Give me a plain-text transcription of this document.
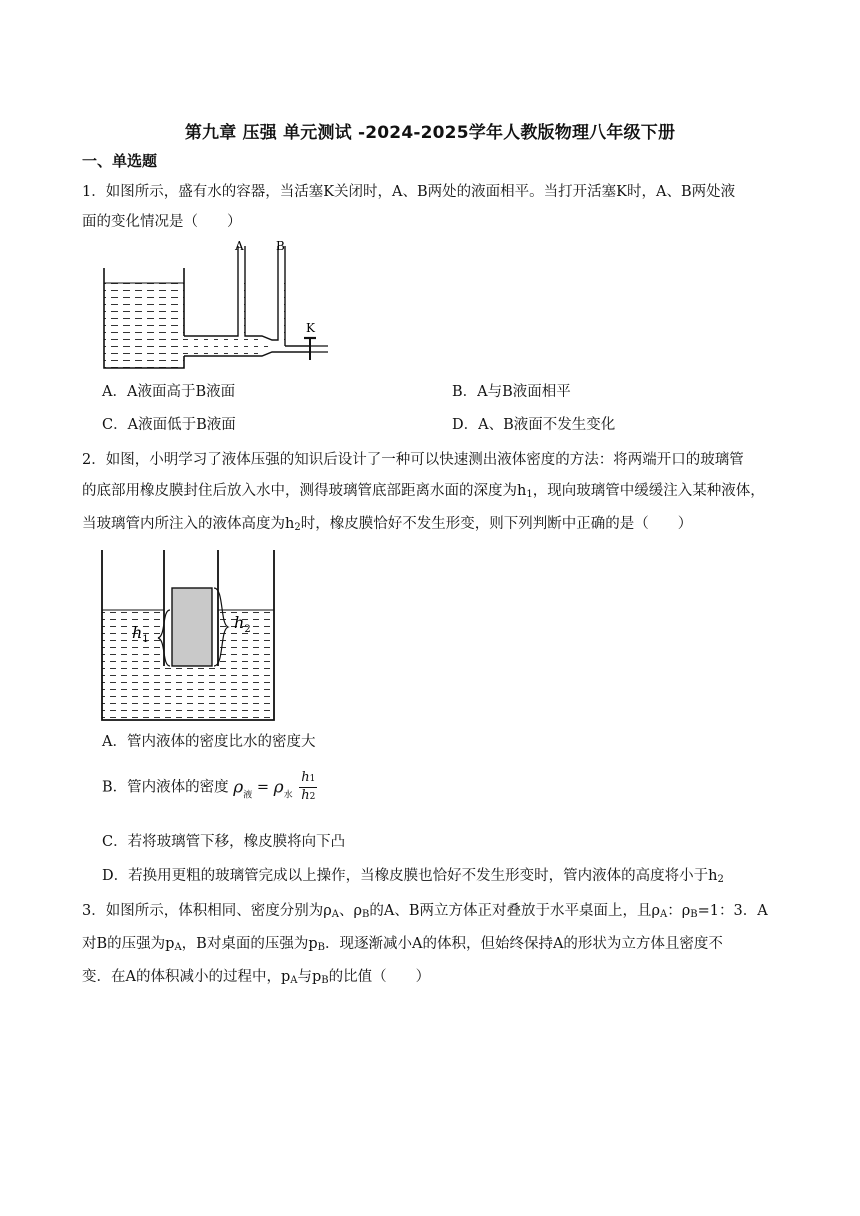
第九章 压强 单元测试 -2024-2025学年人教版物理八年级下册
一、单选题
1．如图所示，盛有水的容器，当活塞K关闭时，A、B两处的液面相平。当打开活塞K时，A、B两处液
面的变化情况是（　　）
A	B
K
A．A液面高于B液面	B．A与B液面相平
C．A液面低于B液面	D．A、B液面不发生变化
2．如图，小明学习了液体压强的知识后设计了一种可以快速测出液体密度的方法：将两端开口的玻璃管
的底部用橡皮膜封住后放入水中，测得玻璃管底部距离水面的深度为$h_1$，现向玻璃管中缓缓注入某种液体，
当玻璃管内所注入的液体高度为$h_2$时，橡皮膜恰好不发生形变，则下列判断中正确的是（　　）
$h_1$
$h_2$
A．管内液体的密度比水的密度大
B．管内液体的密度 $\rho_液 = \rho_水 \frac{h1}{h2}$
C．若将玻璃管下移，橡皮膜将向下凸
D．若换用更粗的玻璃管完成以上操作，当橡皮膜也恰好不发生形变时，管内液体的高度将小于$h_2$
3．如图所示，体积相同、密度分别为$\rho_A$、$\rho_B$的A、B两立方体正对叠放于水平桌面上，且$\rho_A$：$\rho_B=1$：3．A
对B的压强为$p_A$，B对桌面的压强为$p_B$．现逐渐减小A的体积，但始终保持A的形状为立方体且密度不
变．在A的体积减小的过程中，$p_A$与$p_B$的比值（　　）
